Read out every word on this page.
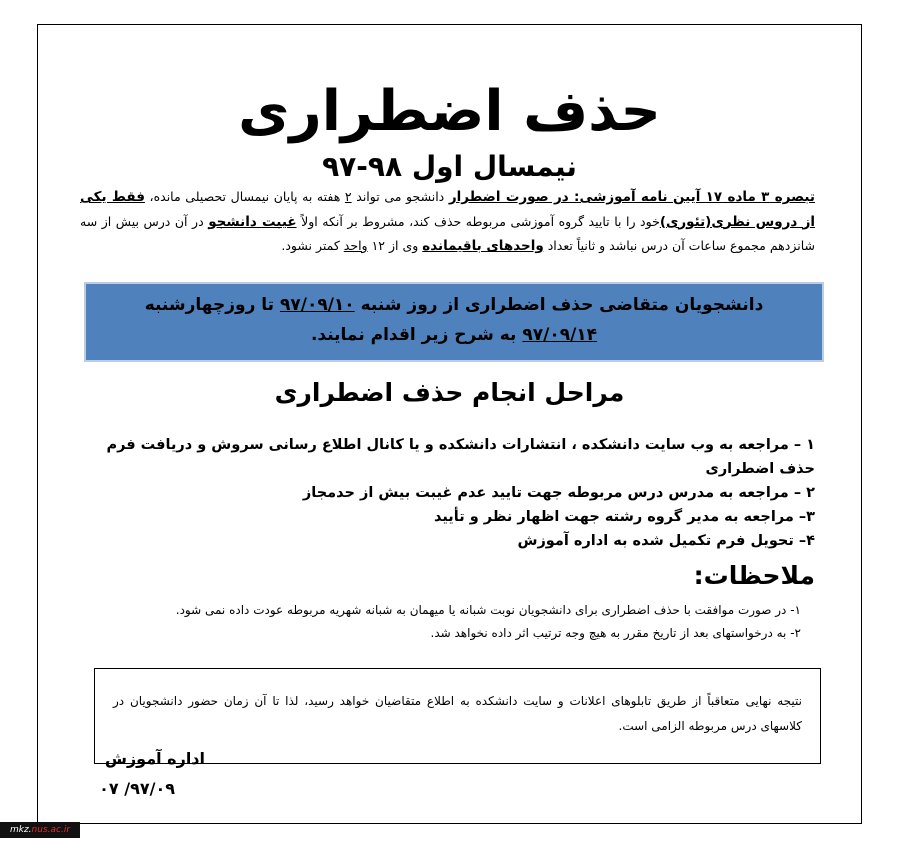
حذف اضطراری
نیمسال اول ۹۸-۹۷
تبصره ۳ ماده ۱۷ آیین نامه آموزشی: در صورت اضطرار دانشجو می تواند ۲ هفته به پایان نیمسال تحصیلی مانده، فقط یکی از دروس نظری(تئوری)خود را با تایید گروه آموزشی مربوطه حذف کند، مشروط بر آنکه اولاً غیبت دانشجو در آن درس بیش از سه شانزدهم مجموع ساعات آن درس نباشد و ثانیاً تعداد واحدهای باقیمانده وی از ۱۲ واحد کمتر نشود.
دانشجویان متقاضی حذف اضطراری از روز شنبه ۹۷/۰۹/۱۰ تا روزچهارشنبه
۹۷/۰۹/۱۴ به شرح زیر اقدام نمایند.
مراحل انجام حذف اضطراری
۱ – مراجعه به وب سایت دانشکده ، انتشارات دانشکده و یا کانال اطلاع رسانی سروش و دریافت فرم حذف اضطراری
۲ – مراجعه به مدرس درس مربوطه جهت تایید عدم غیبت بیش از حدمجاز
۳– مراجعه به مدیر گروه رشته جهت اظهار نظر و تأیید
۴– تحویل فرم تکمیل شده به اداره آموزش
ملاحظات:

۱- در صورت موافقت با حذف اضطراری برای دانشجویان نوبت شبانه یا میهمان به شبانه شهریه مربوطه عودت داده نمی شود.

۲- به درخواستهای بعد از تاریخ مقرر به هیچ وجه ترتیب اثر داده نخواهد شد.

نتیجه نهایی متعاقباً از طریق تابلوهای اعلانات و سایت دانشکده به اطلاع متقاضیان خواهد رسید، لذا تا آن زمان حضور دانشجویان در کلاسهای درس مربوطه الزامی است.
اداره آموزش
۹۷/۰۹/ ۰۷
mkz.nus.ac.ir
